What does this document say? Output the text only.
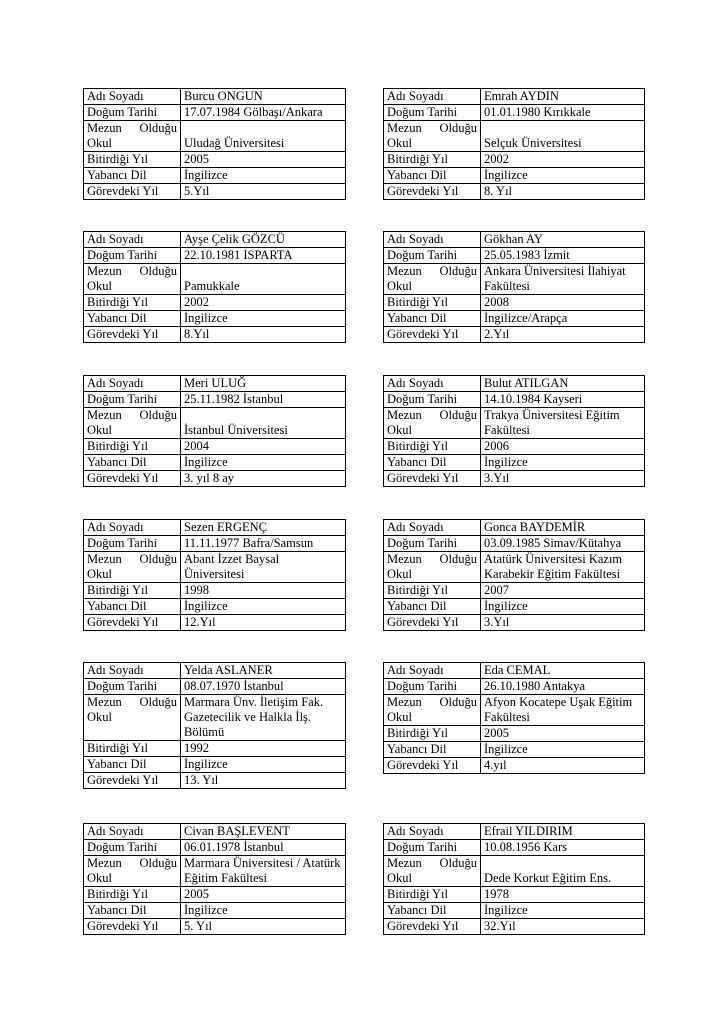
Adı Soyadı	Burcu ONGUN
Doğum Tarihi	17.07.1984 Gölbaşı/Ankara
Mezun Olduğu Okul	Uludağ Üniversitesi
Bitirdiği Yıl	2005
Yabancı Dil	İngilizce
Görevdeki Yıl	5.Yıl
Adı Soyadı	Emrah AYDIN
Doğum Tarihi	01.01.1980 Kırıkkale
Mezun Olduğu Okul	Selçuk Üniversitesi
Bitirdiği Yıl	2002
Yabancı Dil	İngilizce
Görevdeki Yıl	8. Yıl
Adı Soyadı	Ayşe Çelik GÖZCÜ
Doğum Tarihi	22.10.1981 ISPARTA
Mezun Olduğu Okul	Pamukkale
Bitirdiği Yıl	2002
Yabancı Dil	İngilizce
Görevdeki Yıl	8.Yıl
Adı Soyadı	Gökhan AY
Doğum Tarihi	25.05.1983 İzmit
Mezun Olduğu Okul	Ankara Üniversitesi İlahiyat Fakültesi
Bitirdiği Yıl	2008
Yabancı Dil	İngilizce/Arapça
Görevdeki Yıl	2.Yıl
Adı Soyadı	Meri ULUĞ
Doğum Tarihi	25.11.1982 İstanbul
Mezun Olduğu Okul	İstanbul Üniversitesi
Bitirdiği Yıl	2004
Yabancı Dil	İngilizce
Görevdeki Yıl	3. yıl 8 ay
Adı Soyadı	Bulut ATILGAN
Doğum Tarihi	14.10.1984 Kayseri
Mezun Olduğu Okul	Trakya Üniversitesi Eğitim Fakültesi
Bitirdiği Yıl	2006
Yabancı Dil	İngilizce
Görevdeki Yıl	3.Yıl
Adı Soyadı	Sezen ERGENÇ
Doğum Tarihi	11.11.1977 Bafra/Samsun
Mezun Olduğu Okul	Abant İzzet Baysal Üniversitesi
Bitirdiği Yıl	1998
Yabancı Dil	İngilizce
Görevdeki Yıl	12.Yıl
Adı Soyadı	Gonca BAYDEMİR
Doğum Tarihi	03.09.1985 Simav/Kütahya
Mezun Olduğu Okul	Atatürk Üniversitesi Kazım Karabekir Eğitim Fakültesi
Bitirdiği Yıl	2007
Yabancı Dil	İngilizce
Görevdeki Yıl	3.Yıl
Adı Soyadı	Yelda ASLANER
Doğum Tarihi	08.07.1970 İstanbul
Mezun Olduğu Okul	Marmara Ünv. İletişim Fak. Gazetecilik ve Halkla İlş. Bölümü
Bitirdiği Yıl	1992
Yabancı Dil	İngilizce
Görevdeki Yıl	13. Yıl
Adı Soyadı	Eda CEMAL
Doğum Tarihi	26.10.1980 Antakya
Mezun Olduğu Okul	Afyon Kocatepe Uşak Eğitim Fakültesi
Bitirdiği Yıl	2005
Yabancı Dil	İngilizce
Görevdeki Yıl	4.yıl
Adı Soyadı	Civan BAŞLEVENT
Doğum Tarihi	06.01.1978 İstanbul
Mezun Olduğu Okul	Marmara Üniversitesi / Atatürk Eğitim Fakültesi
Bitirdiği Yıl	2005
Yabancı Dil	İngilizce
Görevdeki Yıl	5. Yıl
Adı Soyadı	Efrail YILDIRIM
Doğum Tarihi	10.08.1956 Kars
Mezun Olduğu Okul	Dede Korkut Eğitim Ens.
Bitirdiği Yıl	1978
Yabancı Dil	İngilizce
Görevdeki Yıl	32.Yıl
